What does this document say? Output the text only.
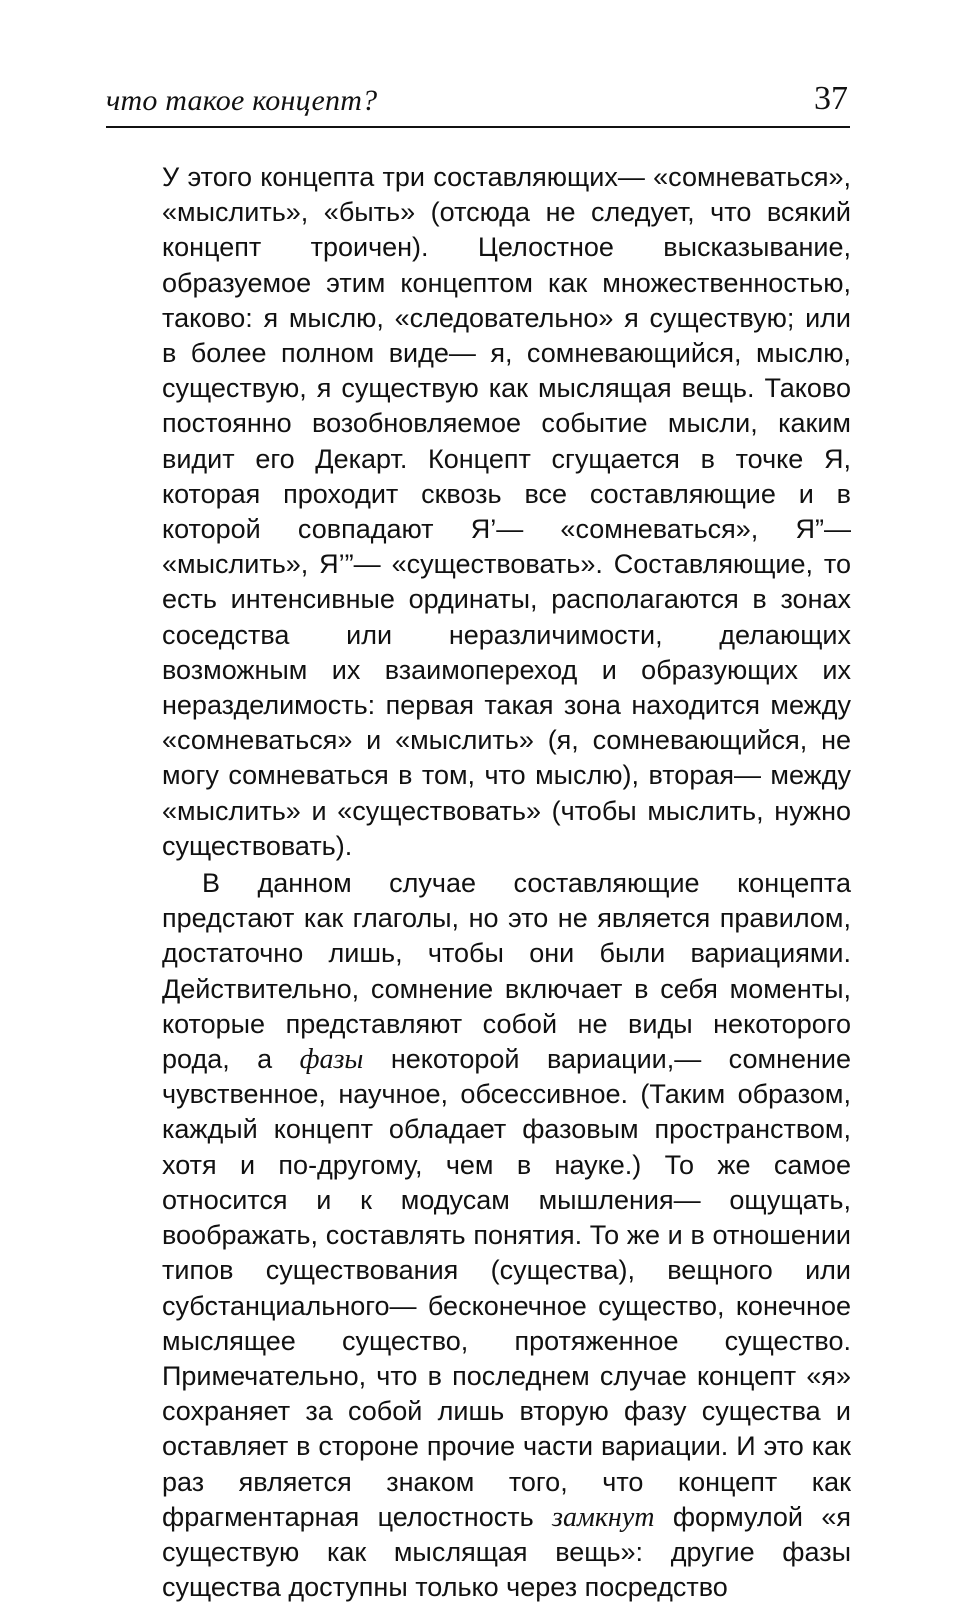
что такое концепт?	37

У этого концепта три составляющих— «сомневаться», «мыслить», «быть» (отсюда не следует, что всякий концепт троичен). Целостное высказывание, образуемое этим концептом как множественностью, таково: я мыслю, «следовательно» я существую; или в более полном виде— я, сомневающийся, мыслю, существую, я существую как мыслящая вещь. Таково постоянно возобновляемое событие мысли, каким видит его Декарт. Концепт сгущается в точке Я, которая проходит сквозь все составляющие и в которой совпадают Я’— «сомневаться», Я”— «мыслить», Я’”— «существовать». Составляющие, то есть интенсивные ординаты, располагаются в зонах соседства или неразличимости, делающих возможным их взаимопереход и образующих их неразделимость: первая такая зона находится между «сомневаться» и «мыслить» (я, сомневающийся, не могу сомневаться в том, что мыслю), вторая— между «мыслить» и «существовать» (чтобы мыслить, нужно существовать).

В данном случае составляющие концепта предстают как глаголы, но это не является правилом, достаточно лишь, чтобы они были вариациями. Действительно, сомнение включает в себя моменты, которые представляют собой не виды некоторого рода, а фазы некоторой вариации,— сомнение чувственное, научное, обсессивное. (Таким образом, каждый концепт обладает фазовым пространством, хотя и по-другому, чем в науке.) То же самое относится и к модусам мышления— ощущать, воображать, составлять понятия. То же и в отношении типов существования (существа), вещного или субстанциального— бесконечное существо, конечное мыслящее существо, протяженное существо. Примечательно, что в последнем случае концепт «я» сохраняет за собой лишь вторую фазу существа и оставляет в стороне прочие части вариации. И это как раз является знаком того, что концепт как фрагментарная целостность замкнут формулой «я существую как мыслящая вещь»: другие фазы существа доступны только через посредство
